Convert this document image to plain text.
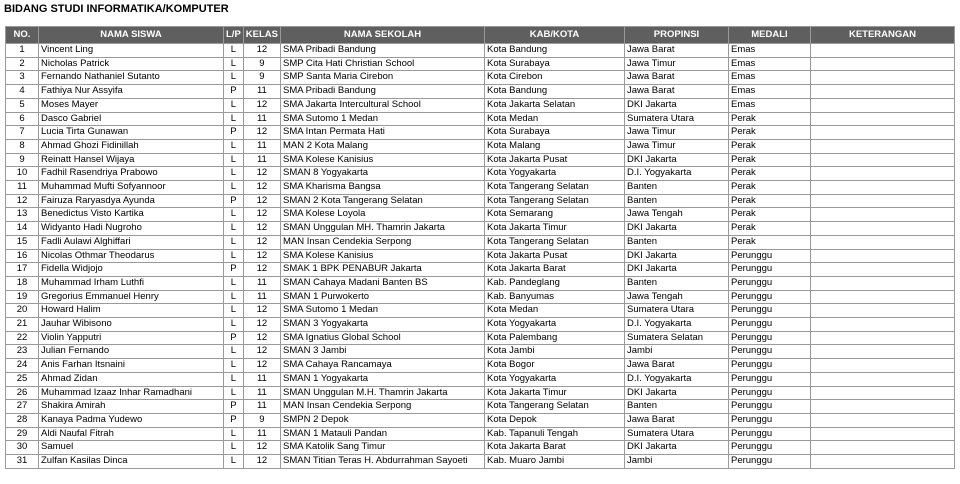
BIDANG STUDI INFORMATIKA/KOMPUTER
NO.	NAMA SISWA	L/P	KELAS	NAMA SEKOLAH	KAB/KOTA	PROPINSI	MEDALI	KETERANGAN
1	Vincent Ling	L	12	SMA Pribadi Bandung	Kota Bandung	Jawa Barat	Emas	
2	Nicholas Patrick	L	9	SMP Cita Hati Christian School	Kota Surabaya	Jawa Timur	Emas	
3	Fernando Nathaniel Sutanto	L	9	SMP Santa Maria Cirebon	Kota Cirebon	Jawa Barat	Emas	
4	Fathiya Nur Assyifa	P	11	SMA Pribadi Bandung	Kota Bandung	Jawa Barat	Emas	
5	Moses Mayer	L	12	SMA Jakarta Intercultural School	Kota Jakarta Selatan	DKI Jakarta	Emas	
6	Dasco Gabriel	L	11	SMA Sutomo 1 Medan	Kota Medan	Sumatera Utara	Perak	
7	Lucia Tirta Gunawan	P	12	SMA Intan Permata Hati	Kota Surabaya	Jawa Timur	Perak	
8	Ahmad Ghozi Fidinillah	L	11	MAN 2 Kota Malang	Kota Malang	Jawa Timur	Perak	
9	Reinatt Hansel Wijaya	L	11	SMA Kolese Kanisius	Kota Jakarta Pusat	DKI Jakarta	Perak	
10	Fadhil Rasendriya Prabowo	L	12	SMAN 8 Yogyakarta	Kota Yogyakarta	D.I. Yogyakarta	Perak	
11	Muhammad Mufti Sofyannoor	L	12	SMA Kharisma Bangsa	Kota Tangerang Selatan	Banten	Perak	
12	Fairuza Raryasdya Ayunda	P	12	SMAN 2 Kota Tangerang Selatan	Kota Tangerang Selatan	Banten	Perak	
13	Benedictus Visto Kartika	L	12	SMA Kolese Loyola	Kota Semarang	Jawa Tengah	Perak	
14	Widyanto Hadi Nugroho	L	12	SMAN Unggulan MH. Thamrin Jakarta	Kota Jakarta Timur	DKI Jakarta	Perak	
15	Fadli Aulawi Alghiffari	L	12	MAN Insan Cendekia Serpong	Kota Tangerang Selatan	Banten	Perak	
16	Nicolas Othmar Theodarus	L	12	SMA Kolese Kanisius	Kota Jakarta Pusat	DKI Jakarta	Perunggu	
17	Fidella Widjojo	P	12	SMAK 1 BPK PENABUR Jakarta	Kota Jakarta Barat	DKI Jakarta	Perunggu	
18	Muhammad Irham Luthfi	L	11	SMAN Cahaya Madani Banten BS	Kab. Pandeglang	Banten	Perunggu	
19	Gregorius Emmanuel Henry	L	11	SMAN 1 Purwokerto	Kab. Banyumas	Jawa Tengah	Perunggu	
20	Howard Halim	L	12	SMA Sutomo 1 Medan	Kota Medan	Sumatera Utara	Perunggu	
21	Jauhar Wibisono	L	12	SMAN 3 Yogyakarta	Kota Yogyakarta	D.I. Yogyakarta	Perunggu	
22	Violin Yapputri	P	12	SMA Ignatius Global School	Kota Palembang	Sumatera Selatan	Perunggu	
23	Julian Fernando	L	12	SMAN 3 Jambi	Kota Jambi	Jambi	Perunggu	
24	Anis Farhan Itsnaini	L	12	SMA Cahaya Rancamaya	Kota Bogor	Jawa Barat	Perunggu	
25	Ahmad Zidan	L	11	SMAN 1 Yogyakarta	Kota Yogyakarta	D.I. Yogyakarta	Perunggu	
26	Muhammad Izaaz Inhar Ramadhani	L	11	SMAN Unggulan M.H. Thamrin Jakarta	Kota Jakarta Timur	DKI Jakarta	Perunggu	
27	Shakira Amirah	P	11	MAN Insan Cendekia Serpong	Kota Tangerang Selatan	Banten	Perunggu	
28	Kanaya Padma Yudewo	P	9	SMPN 2 Depok	Kota Depok	Jawa Barat	Perunggu	
29	Aldi Naufal Fitrah	L	11	SMAN 1 Matauli Pandan	Kab. Tapanuli Tengah	Sumatera Utara	Perunggu	
30	Samuel	L	12	SMA Katolik Sang Timur	Kota Jakarta Barat	DKI Jakarta	Perunggu	
31	Zulfan Kasilas Dinca	L	12	SMAN Titian Teras H. Abdurrahman Sayoeti	Kab. Muaro Jambi	Jambi	Perunggu	
